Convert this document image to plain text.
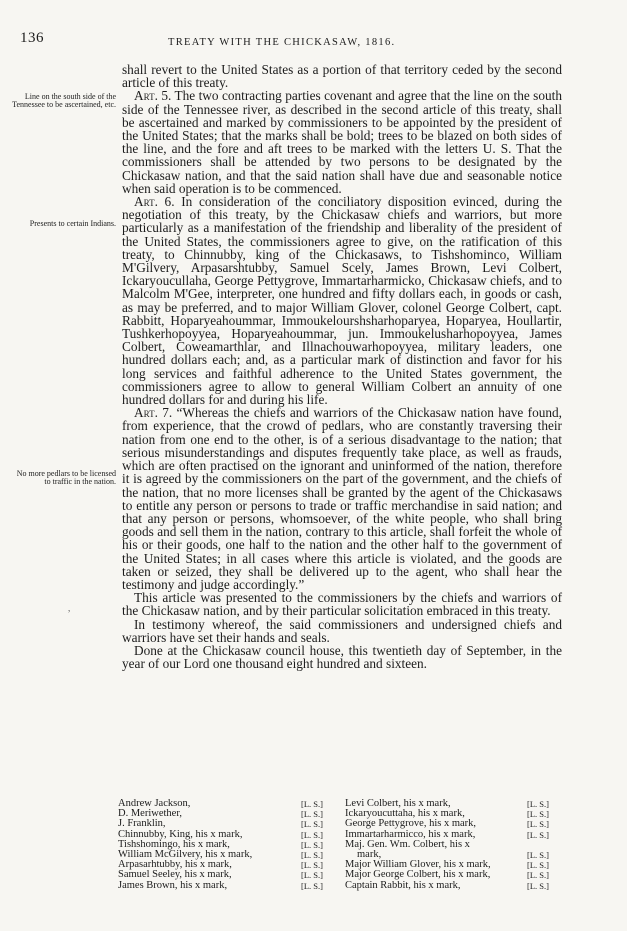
136	TREATY WITH THE CHICKASAW, 1816.
Line on the south side of the Tennessee to be ascertained, etc.
Presents to certain Indians.
No more pedlars to be licensed to traffic in the nation.
,

shall revert to the United States as a portion of that territory ceded by the second article of this treaty.

Art. 5. The two contracting parties covenant and agree that the line on the south side of the Tennessee river, as described in the second article of this treaty, shall be ascertained and marked by commissioners to be appointed by the president of the United States; that the marks shall be bold; trees to be blazed on both sides of the line, and the fore and aft trees to be marked with the letters U. S. That the commissioners shall be attended by two persons to be designated by the Chickasaw nation, and that the said nation shall have due and seasonable notice when said operation is to be commenced.

Art. 6. In consideration of the conciliatory disposition evinced, during the negotiation of this treaty, by the Chickasaw chiefs and warriors, but more particularly as a manifestation of the friendship and liberality of the president of the United States, the commissioners agree to give, on the ratification of this treaty, to Chinnubby, king of the Chickasaws, to Tishshominco, William M'Gilvery, Arpasarshtubby, Samuel Scely, James Brown, Levi Colbert, Ickaryoucullaha, George Pettygrove, Immartarharmicko, Chickasaw chiefs, and to Malcolm M'Gee, interpreter, one hundred and fifty dollars each, in goods or cash, as may be preferred, and to major William Glover, colonel George Colbert, capt. Rabbitt, Hoparyeahoummar, Immoukelourshsharhoparyea, Hoparyea, Houllartir, Tushkerhopoyyea, Hoparyeahoummar, jun. Immoukelusharhopoyyea, James Colbert, Coweamarthlar, and Illnachouwarhopoyyea, military leaders, one hundred dollars each; and, as a particular mark of distinction and favor for his long services and faithful adherence to the United States government, the commissioners agree to allow to general William Colbert an annuity of one hundred dollars for and during his life.

Art. 7. “Whereas the chiefs and warriors of the Chickasaw nation have found, from experience, that the crowd of pedlars, who are constantly traversing their nation from one end to the other, is of a serious disadvantage to the nation; that serious misunderstandings and disputes frequently take place, as well as frauds, which are often practised on the ignorant and uninformed of the nation, therefore it is agreed by the commissioners on the part of the government, and the chiefs of the nation, that no more licenses shall be granted by the agent of the Chickasaws to entitle any person or persons to trade or traffic merchandise in said nation; and that any person or persons, whomsoever, of the white people, who shall bring goods and sell them in the nation, contrary to this article, shall forfeit the whole of his or their goods, one half to the nation and the other half to the government of the United States; in all cases where this article is violated, and the goods are taken or seized, they shall be delivered up to the agent, who shall hear the testimony and judge accordingly.”

This article was presented to the commissioners by the chiefs and warriors of the Chickasaw nation, and by their particular solicitation embraced in this treaty.

In testimony whereof, the said commissioners and undersigned chiefs and warriors have set their hands and seals.

Done at the Chickasaw council house, this twentieth day of September, in the year of our Lord one thousand eight hundred and sixteen.

Andrew Jackson,
D. Meriwether,
J. Franklin,
Chinnubby, King, his x mark,
Tishshomingo, his x mark,
William McGilvery, his x mark,
Arpasarhtubby, his x mark,
Samuel Seeley, his x mark,
James Brown, his x mark,
[L. S.]
[L. S.]
[L. S.]
[L. S.]
[L. S.]
[L. S.]
[L. S.]
[L. S.]
[L. S.]
Levi Colbert, his x mark,
Ickaryoucuttaha, his x mark,
George Pettygrove, his x mark,
Immartarharmicco, his x mark,
Maj. Gen. Wm. Colbert, his x
mark,
Major William Glover, his x mark,
Major George Colbert, his x mark,
Captain Rabbit, his x mark,
[L. S.]
[L. S.]
[L. S.]
[L. S.]
[L. S.]
[L. S.]
[L. S.]
[L. S.]
